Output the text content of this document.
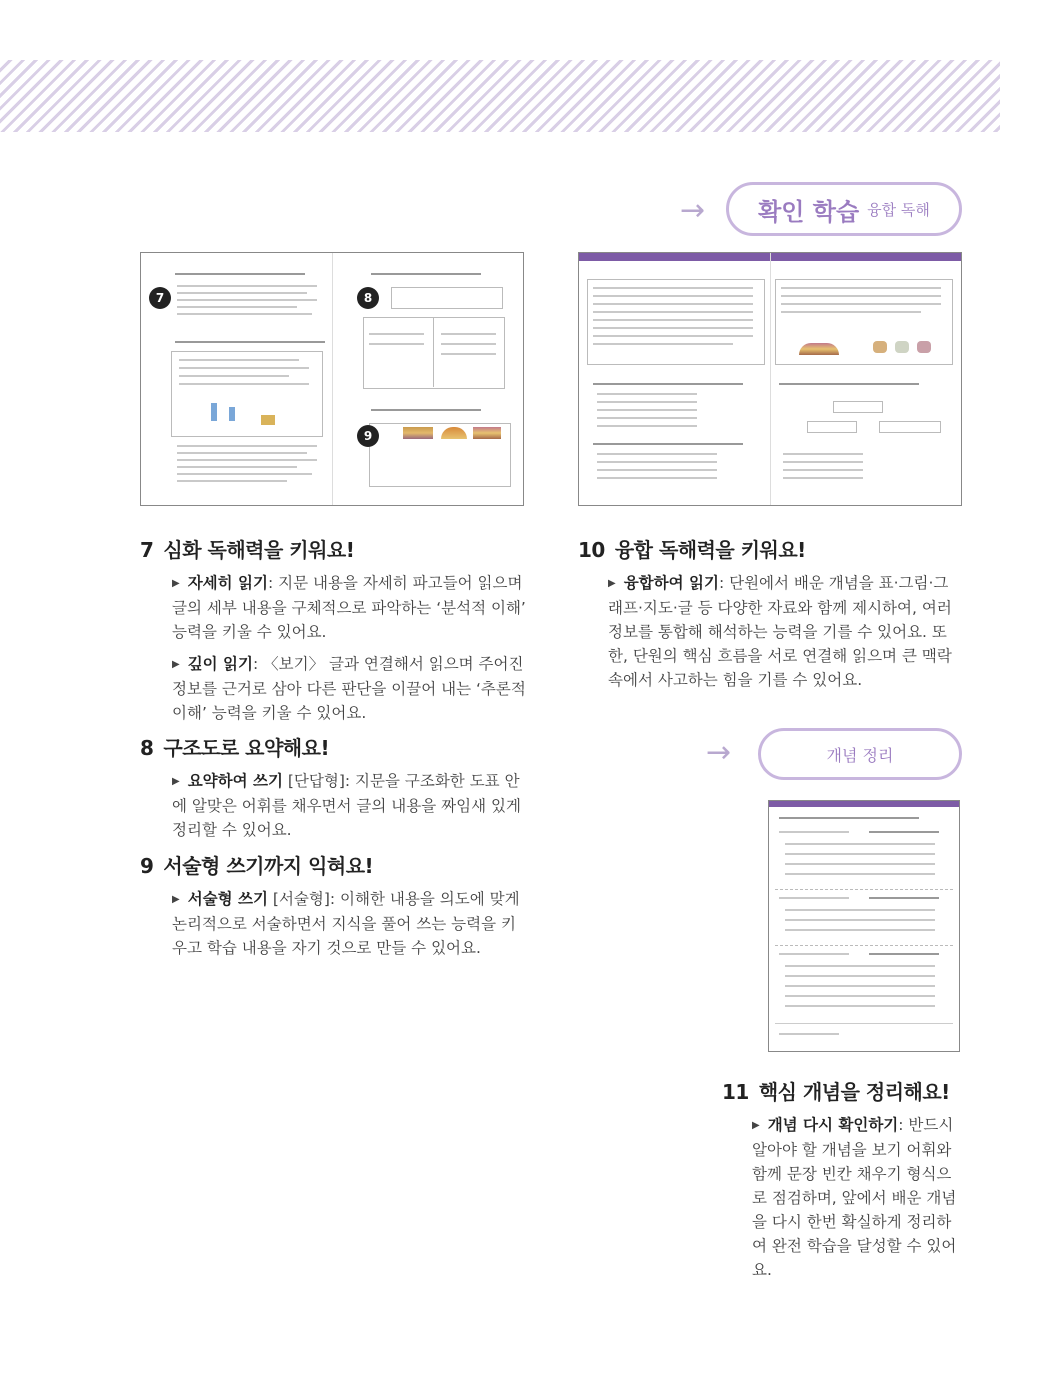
→ 확인 학습 융합 독해
7	8
9
→	개념 정리
7 심화 독해력을 키워요!

▶ 자세히 읽기: 지문 내용을 자세히 파고들어 읽으며 글의 세부 내용을 구체적으로 파악하는 ‘분석적 이해’ 능력을 키울 수 있어요.

▶ 깊이 읽기: 〈보기〉 글과 연결해서 읽으며 주어진 정보를 근거로 삼아 다른 판단을 이끌어 내는 ‘추론적 이해’ 능력을 키울 수 있어요.

8 구조도로 요약해요!

▶ 요약하여 쓰기 [단답형]: 지문을 구조화한 도표 안에 알맞은 어휘를 채우면서 글의 내용을 짜임새 있게 정리할 수 있어요.

9 서술형 쓰기까지 익혀요!

▶ 서술형 쓰기 [서술형]: 이해한 내용을 의도에 맞게 논리적으로 서술하면서 지식을 풀어 쓰는 능력을 키우고 학습 내용을 자기 것으로 만들 수 있어요.

10 융합 독해력을 키워요!

▶ 융합하여 읽기: 단원에서 배운 개념을 표·그림·그래프·지도·글 등 다양한 자료와 함께 제시하여, 여러 정보를 통합해 해석하는 능력을 기를 수 있어요. 또한, 단원의 핵심 흐름을 서로 연결해 읽으며 큰 맥락 속에서 사고하는 힘을 기를 수 있어요.

11 핵심 개념을 정리해요!

▶ 개념 다시 확인하기: 반드시 알아야 할 개념을 보기 어휘와 함께 문장 빈칸 채우기 형식으로 점검하며, 앞에서 배운 개념을 다시 한번 확실하게 정리하여 완전 학습을 달성할 수 있어요.
